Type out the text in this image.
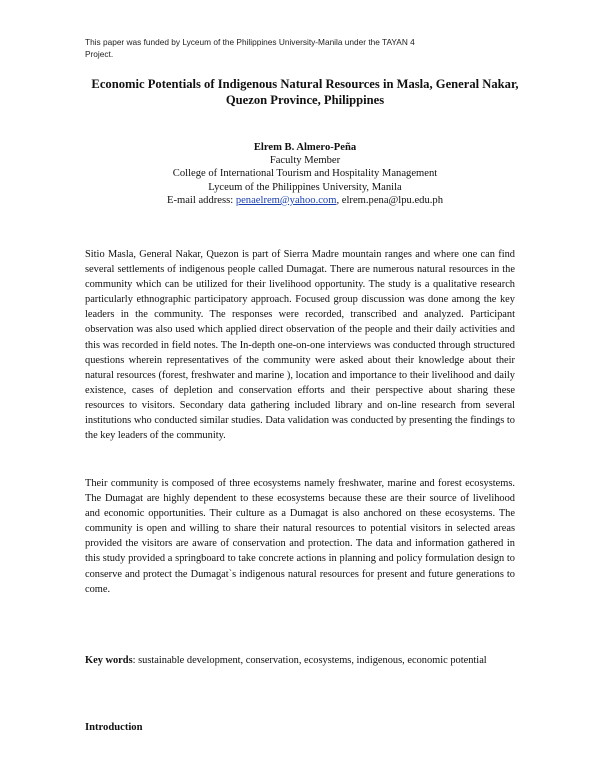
This paper was funded by Lyceum of the Philippines University-Manila under the TAYAN 4 Project.
Economic Potentials of Indigenous Natural Resources in Masla, General Nakar, Quezon Province, Philippines
Elrem B. Almero-Peña
Faculty Member
College of International Tourism and Hospitality Management
Lyceum of the Philippines University, Manila
E-mail address: penaelrem@yahoo.com, elrem.pena@lpu.edu.ph

Sitio Masla, General Nakar, Quezon is part of Sierra Madre mountain ranges and where one can find several settlements of indigenous people called Dumagat. There are numerous natural resources in the community which can be utilized for their livelihood opportunity. The study is a qualitative research particularly ethnographic participatory approach. Focused group discussion was done among the key leaders in the community. The responses were recorded, transcribed and analyzed. Participant observation was also used which applied direct observation of the people and their daily activities and this was recorded in field notes. The In-depth one-on-one interviews was conducted through structured questions wherein representatives of the community were asked about their knowledge about their natural resources (forest, freshwater and marine ), location and importance to their livelihood and daily existence, cases of depletion and conservation efforts and their perspective about sharing these resources to visitors. Secondary data gathering included library and on-line research from several institutions who conducted similar studies. Data validation was conducted by presenting the findings to the key leaders of the community.

Their community is composed of three ecosystems namely freshwater, marine and forest ecosystems. The Dumagat are highly dependent to these ecosystems because these are their source of livelihood and economic opportunities. Their culture as a Dumagat is also anchored on these ecosystems. The community is open and willing to share their natural resources to potential visitors in selected areas provided the visitors are aware of conservation and protection. The data and information gathered in this study provided a springboard to take concrete actions in planning and policy formulation design to conserve and protect the Dumagat`s indigenous natural resources for present and future generations to come.

Key words: sustainable development, conservation, ecosystems, indigenous, economic potential

Introduction
